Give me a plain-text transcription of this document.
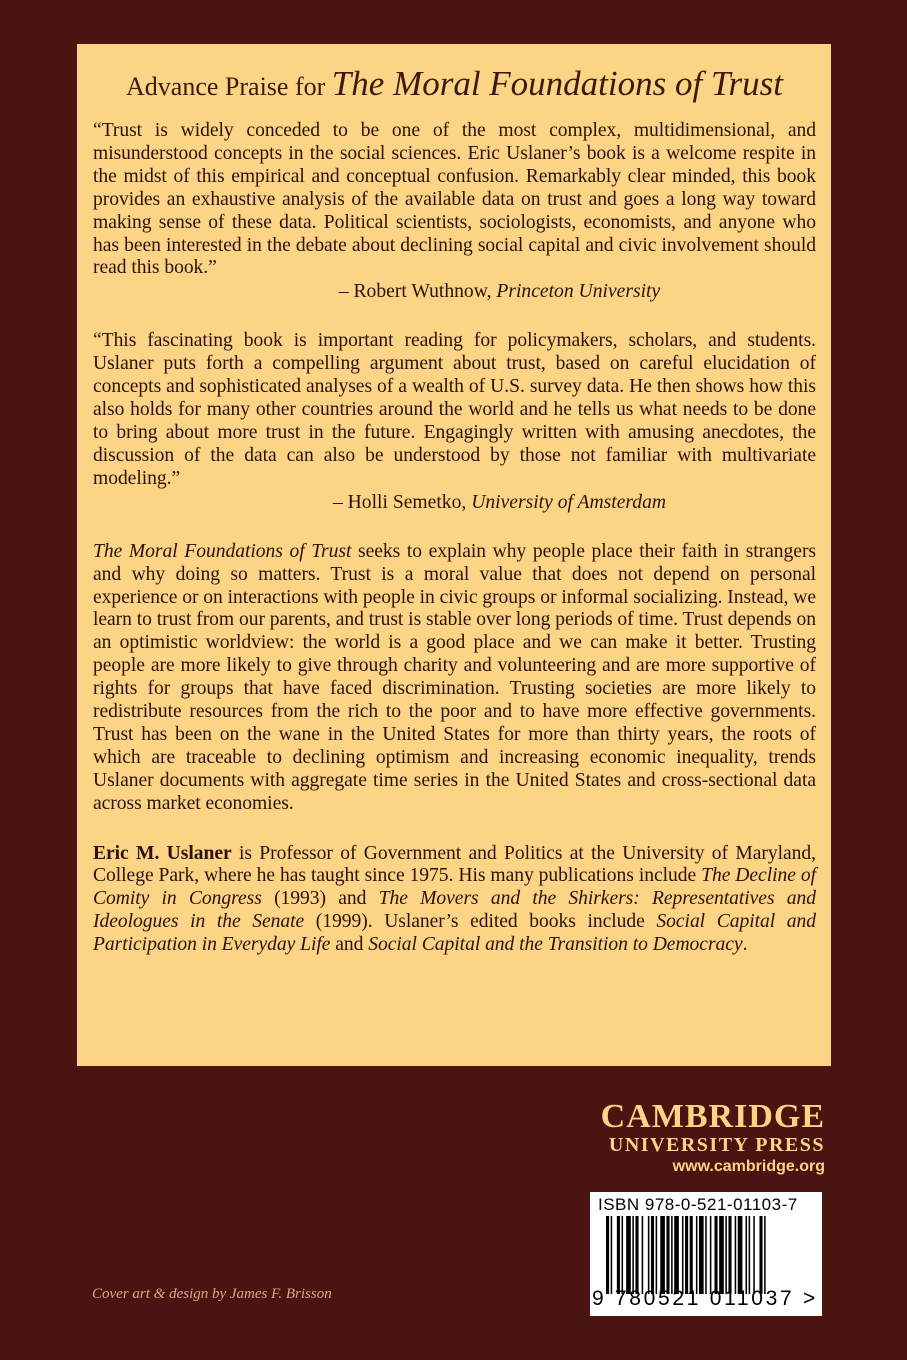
Advance Praise for The Moral Foundations of Trust

“Trust is widely conceded to be one of the most complex, multidimensional, and misunderstood concepts in the social sciences. Eric Uslaner’s book is a welcome respite in the midst of this empirical and conceptual confusion. Remarkably clear minded, this book provides an exhaustive analysis of the available data on trust and goes a long way toward making sense of these data. Political scientists, sociologists, economists, and anyone who has been interested in the debate about declining social capital and civic involvement should read this book.”

– Robert Wuthnow, Princeton University

“This fascinating book is important reading for policymakers, scholars, and students. Uslaner puts forth a compelling argument about trust, based on careful elucidation of concepts and sophisticated analyses of a wealth of U.S. survey data. He then shows how this also holds for many other countries around the world and he tells us what needs to be done to bring about more trust in the future. Engagingly written with amusing anecdotes, the discussion of the data can also be understood by those not familiar with multivariate modeling.”

– Holli Semetko, University of Amsterdam

The Moral Foundations of Trust seeks to explain why people place their faith in strangers and why doing so matters. Trust is a moral value that does not depend on personal experience or on interactions with people in civic groups or informal socializing. Instead, we learn to trust from our parents, and trust is stable over long periods of time. Trust depends on an optimistic worldview: the world is a good place and we can make it better. Trusting people are more likely to give through charity and volunteering and are more supportive of rights for groups that have faced discrimination. Trusting societies are more likely to redistribute resources from the rich to the poor and to have more effective governments. Trust has been on the wane in the United States for more than thirty years, the roots of which are traceable to declining optimism and increasing economic inequality, trends Uslaner documents with aggregate time series in the United States and cross-sectional data across market economies.

Eric M. Uslaner is Professor of Government and Politics at the University of Maryland, College Park, where he has taught since 1975. His many publications include The Decline of Comity in Congress (1993) and The Movers and the Shirkers: Representatives and Ideologues in the Senate (1999). Uslaner’s edited books include Social Capital and Participation in Everyday Life and Social Capital and the Transition to Democracy.

CAMBRIDGE
UNIVERSITY PRESS
www.cambridge.org
ISBN 978-0-521-01103-7
9 780521 011037 >
Cover art & design by James F. Brisson
